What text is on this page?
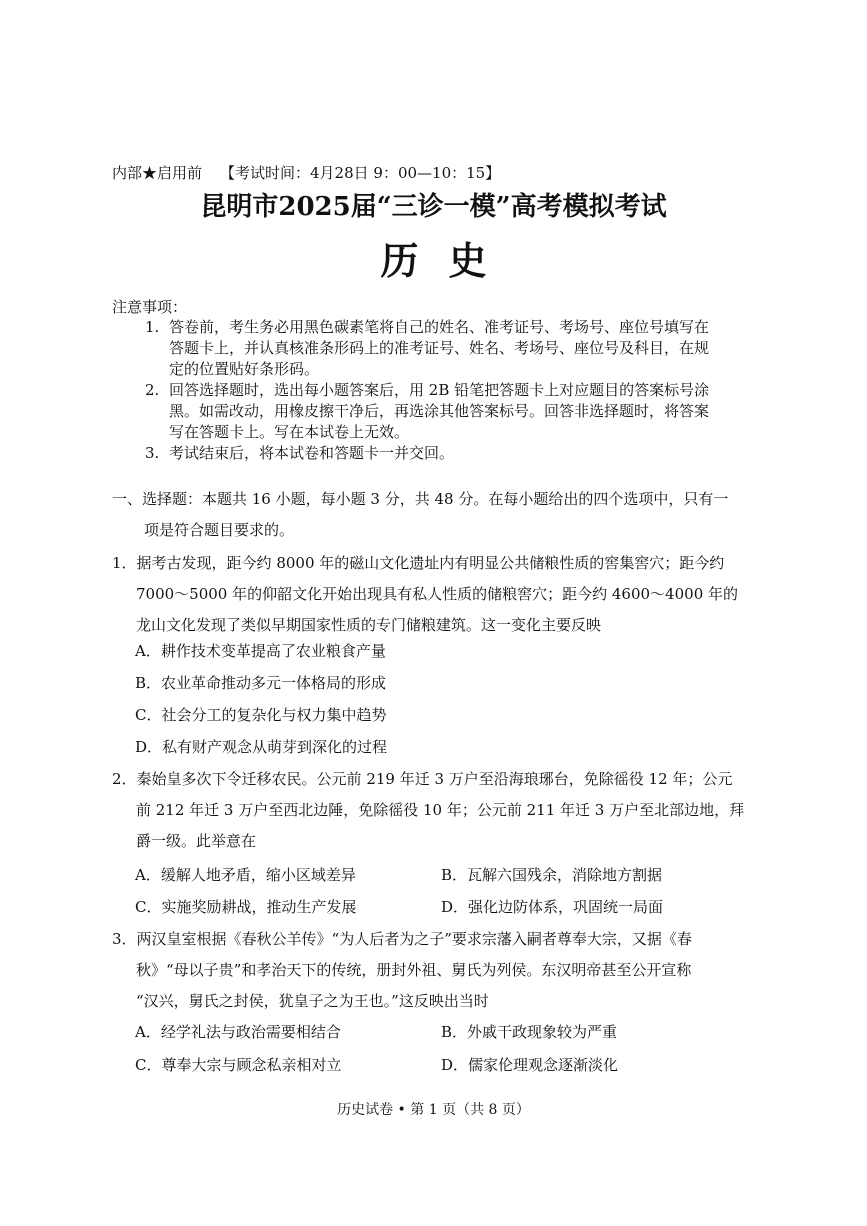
内部★启用前 【考试时间：4月28日 9：00—10：15】
昆明市2025届“三诊一模”高考模拟考试
历史
注意事项：
1. 答卷前，考生务必用黑色碳素笔将自己的姓名、准考证号、考场号、座位号填写在
答题卡上，并认真核准条形码上的准考证号、姓名、考场号、座位号及科目，在规
定的位置贴好条形码。
2. 回答选择题时，选出每小题答案后，用 2B 铅笔把答题卡上对应题目的答案标号涂
黑。如需改动，用橡皮擦干净后，再选涂其他答案标号。回答非选择题时，将答案
写在答题卡上。写在本试卷上无效。
3. 考试结束后，将本试卷和答题卡一并交回。
一、选择题：本题共 16 小题，每小题 3 分，共 48 分。在每小题给出的四个选项中，只有一
项是符合题目要求的。
1．据考古发现，距今约 8000 年的磁山文化遗址内有明显公共储粮性质的窖集窖穴；距今约
7000～5000 年的仰韶文化开始出现具有私人性质的储粮窖穴；距今约 4600～4000 年的
龙山文化发现了类似早期国家性质的专门储粮建筑。这一变化主要反映
A．耕作技术变革提高了农业粮食产量
B．农业革命推动多元一体格局的形成
C．社会分工的复杂化与权力集中趋势
D．私有财产观念从萌芽到深化的过程
2．秦始皇多次下令迁移农民。公元前 219 年迁 3 万户至沿海琅琊台，免除徭役 12 年；公元
前 212 年迁 3 万户至西北边陲，免除徭役 10 年；公元前 211 年迁 3 万户至北部边地，拜
爵一级。此举意在
A．缓解人地矛盾，缩小区域差异	B．瓦解六国残余，消除地方割据
C．实施奖励耕战，推动生产发展	D．强化边防体系，巩固统一局面
3．两汉皇室根据《春秋公羊传》“为人后者为之子”要求宗藩入嗣者尊奉大宗，又据《春
秋》“母以子贵”和孝治天下的传统，册封外祖、舅氏为列侯。东汉明帝甚至公开宣称
“汉兴，舅氏之封侯，犹皇子之为王也。”这反映出当时
A．经学礼法与政治需要相结合	B．外戚干政现象较为严重
C．尊奉大宗与顾念私亲相对立	D．儒家伦理观念逐渐淡化
历史试卷 • 第 1 页（共 8 页）
